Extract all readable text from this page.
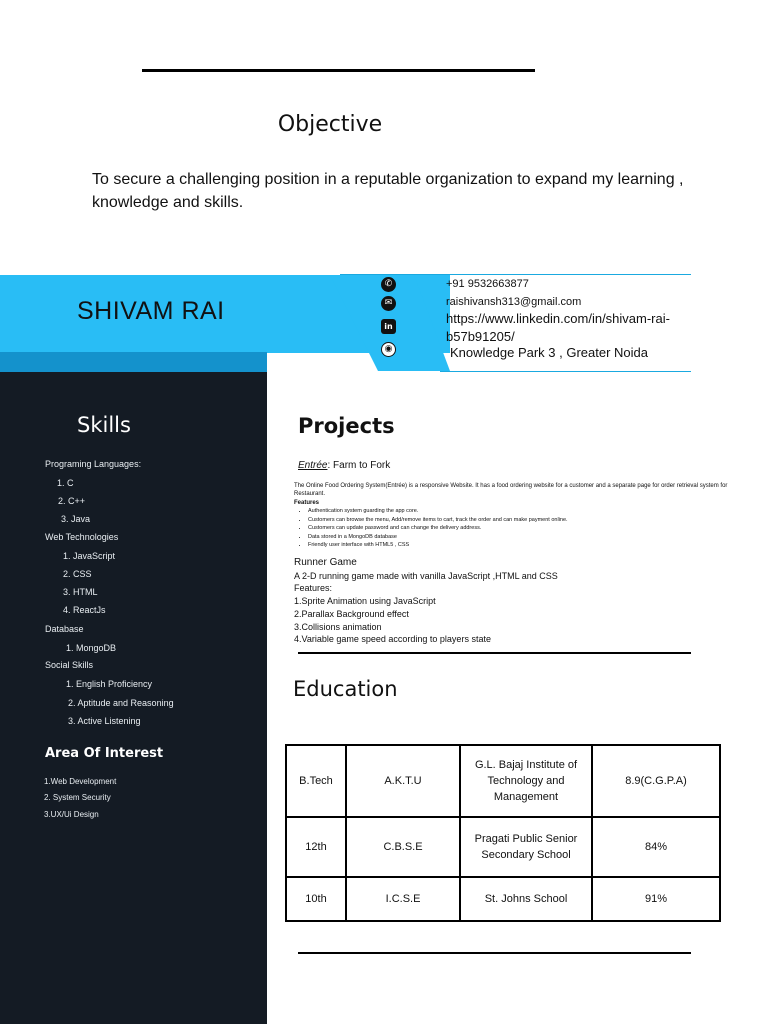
Objective
To secure a challenging position in a reputable organization to expand my learning , knowledge and skills.
SHIVAM RAI
✆
✉
in
◉
+91 9532663877
raishivansh313@gmail.com
https://www.linkedin.com/in/shivam-rai-b57b91205/
Knowledge Park 3 , Greater Noida
Skills
Programing Languages:
1. C
2. C++
3. Java
Web Technologies
1. JavaScript
2. CSS
3. HTML
4. ReactJs
Database
1. MongoDB
Social Skills
1. English Proficiency
2. Aptitude and Reasoning
3. Active Listening
Area Of Interest
1.Web Development
2. System Security
3.UX/Ui Design
Projects
Entrée: Farm to Fork
The Online Food Ordering System(Entrée) is a responsive Website. It has a food ordering website for a customer and a separate page for order retrieval system for Restaurant.
Features
• Authentication system guarding the app core.
• Customers can browse the menu, Add/remove items to cart, track the order and can make payment online.
• Customers can update password and can change the delivery address.
• Data stored in a MongoDB database
• Friendly user interface with HTML5 , CSS
Runner Game
A 2-D running game made with vanilla JavaScript ,HTML and CSS
Features:
1.Sprite Animation using JavaScript
2.Parallax Background effect
3.Collisions animation
4.Variable game speed according to players state
Education
B.Tech	A.K.T.U	G.L. Bajaj Institute of Technology and Management	8.9(C.G.P.A)
12th	C.B.S.E	Pragati Public Senior Secondary School	84%
10th	I.C.S.E	St. Johns School	91%
